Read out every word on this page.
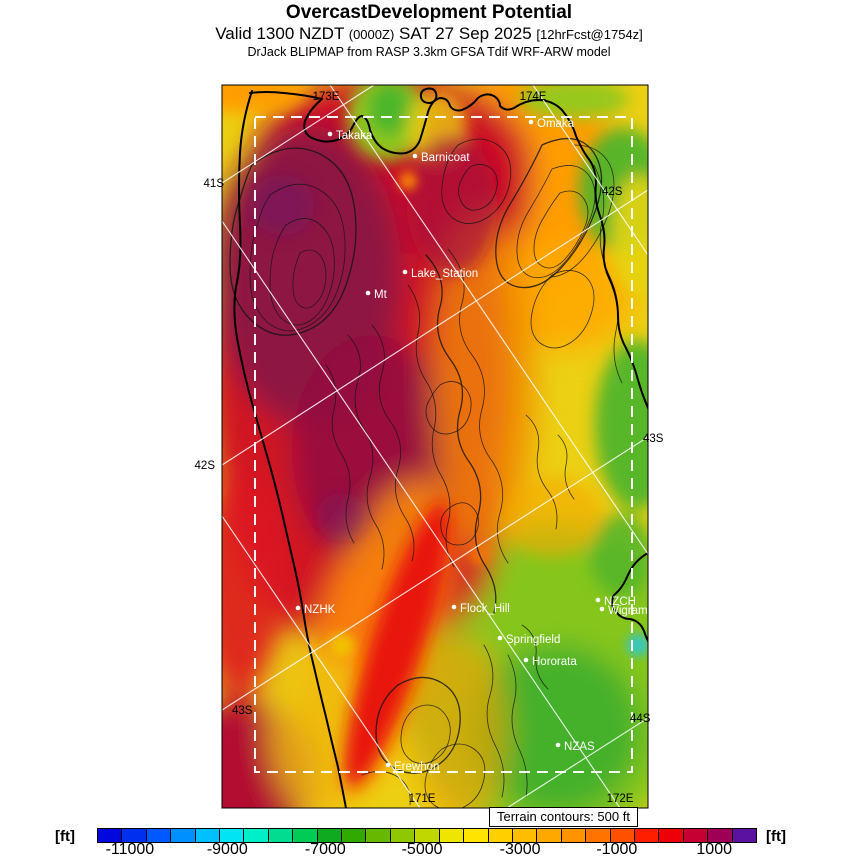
OvercastDevelopment Potential
Valid 1300 NZDT (0000Z) SAT 27 Sep 2025 [12hrFcst@1754z]
DrJack BLIPMAP from RASP 3.3km GFSA Tdif WRF-ARW model
Takaka
Barnicoat
Omaka
Lake_Station
Mt
NZHK	Flock_Hill
NZCH
Wigram
Springfield
Hororata
NZAS
Erewhon
173E	174E
41S
42S
43S
42S
43S
44S
171E	172E
Terrain contours: 500 ft
[ft]	[ft]
-11000	-9000	-7000	-5000	-3000	-1000	1000
